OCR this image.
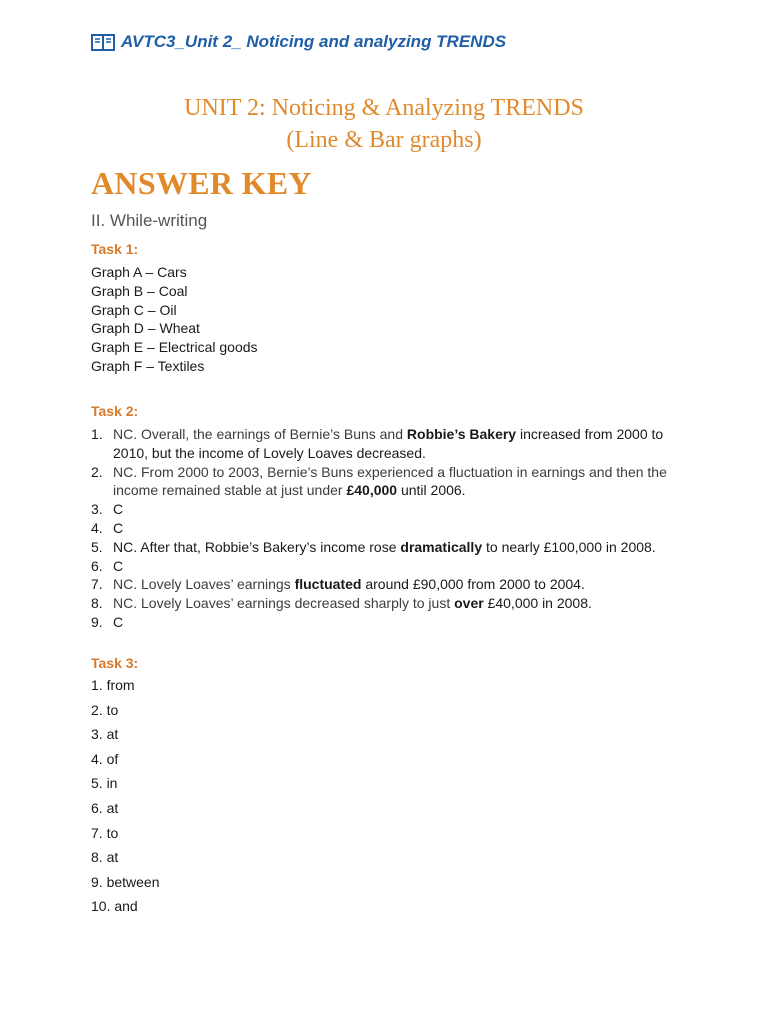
AVTC3_Unit 2_ Noticing and analyzing TRENDS
UNIT 2: Noticing & Analyzing TRENDS
(Line & Bar graphs)
ANSWER KEY
II. While-writing
Task 1:
Graph A – Cars
Graph B – Coal
Graph C – Oil
Graph D – Wheat
Graph E – Electrical goods
Graph F – Textiles
Task 2:
1. NC. Overall, the earnings of Bernie’s Buns and Robbie’s Bakery increased from 2000 to 2010, but the income of Lovely Loaves decreased.
2. NC. From 2000 to 2003, Bernie’s Buns experienced a fluctuation in earnings and then the income remained stable at just under £40,000 until 2006.
3. C
4. C
5. NC. After that, Robbie’s Bakery’s income rose dramatically to nearly £100,000 in 2008.
6. C
7. NC. Lovely Loaves’ earnings fluctuated around £90,000 from 2000 to 2004.
8. NC. Lovely Loaves’ earnings decreased sharply to just over £40,000 in 2008.
9. C
Task 3:
1. from
2. to
3. at
4. of
5. in
6. at
7. to
8. at
9. between
10. and
